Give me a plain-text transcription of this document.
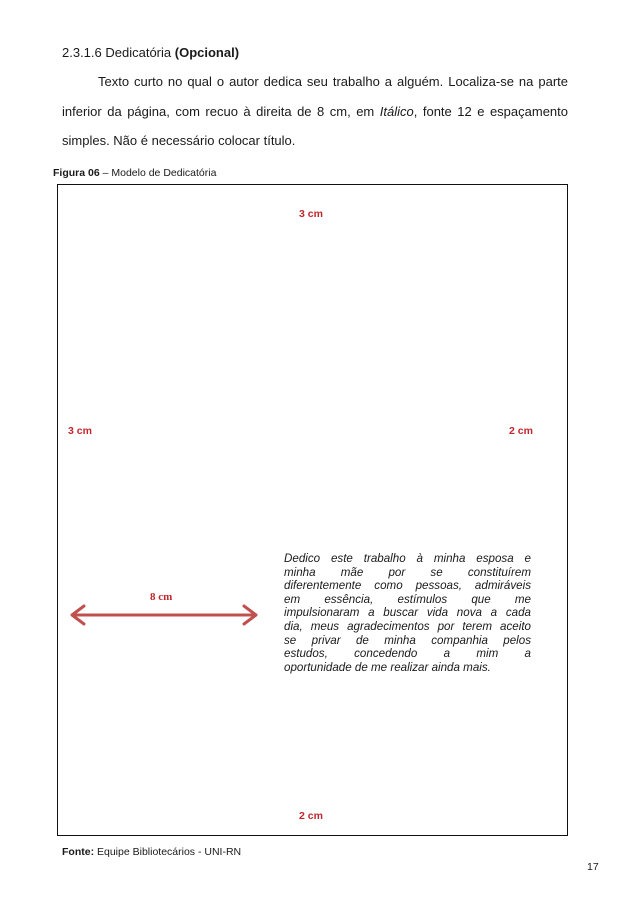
2.3.1.6 Dedicatória (Opcional)
Texto curto no qual o autor dedica seu trabalho a alguém. Localiza-se na parte
inferior da página, com recuo à direita de 8 cm, em Itálico, fonte 12 e espaçamento
simples. Não é necessário colocar título.
Figura 06 – Modelo de Dedicatória
3 cm
3 cm	2 cm
2 cm
8 cm
Dedico este trabalho à minha esposa e
minha mãe por se constituírem
diferentemente como pessoas, admiráveis
em essência, estímulos que me
impulsionaram a buscar vida nova a cada
dia, meus agradecimentos por terem aceito
se privar de minha companhia pelos
estudos, concedendo a mim a
oportunidade de me realizar ainda mais.
Fonte: Equipe Bibliotecários - UNI-RN
17
